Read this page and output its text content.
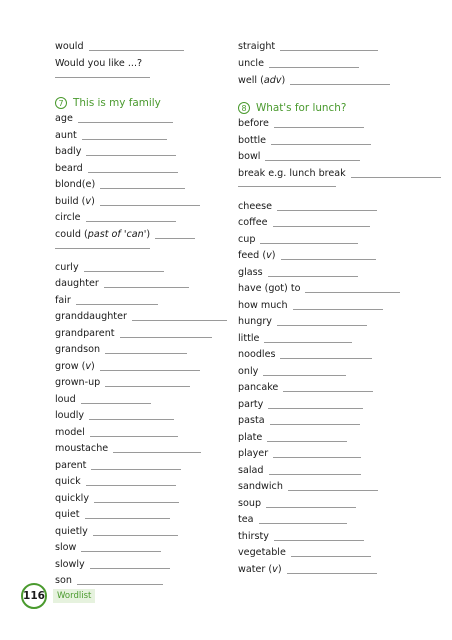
would
Would you like ...?
7 This is my family
age
aunt
badly
beard
blond(e)
build (v)
circle
could (past of 'can')
curly
daughter
fair
granddaughter
grandparent
grandson
grow (v)
grown-up
loud
loudly
model
moustache
parent
quick
quickly
quiet
quietly
slow
slowly
son
straight
uncle
well (adv)
8 What's for lunch?
before
bottle
bowl
break e.g. lunch break
cheese
coffee
cup
feed (v)
glass
have (got) to
how much
hungry
little
noodles
only
pancake
party
pasta
plate
player
salad
sandwich
soup
tea
thirsty
vegetable
water (v)
116	Wordlist
